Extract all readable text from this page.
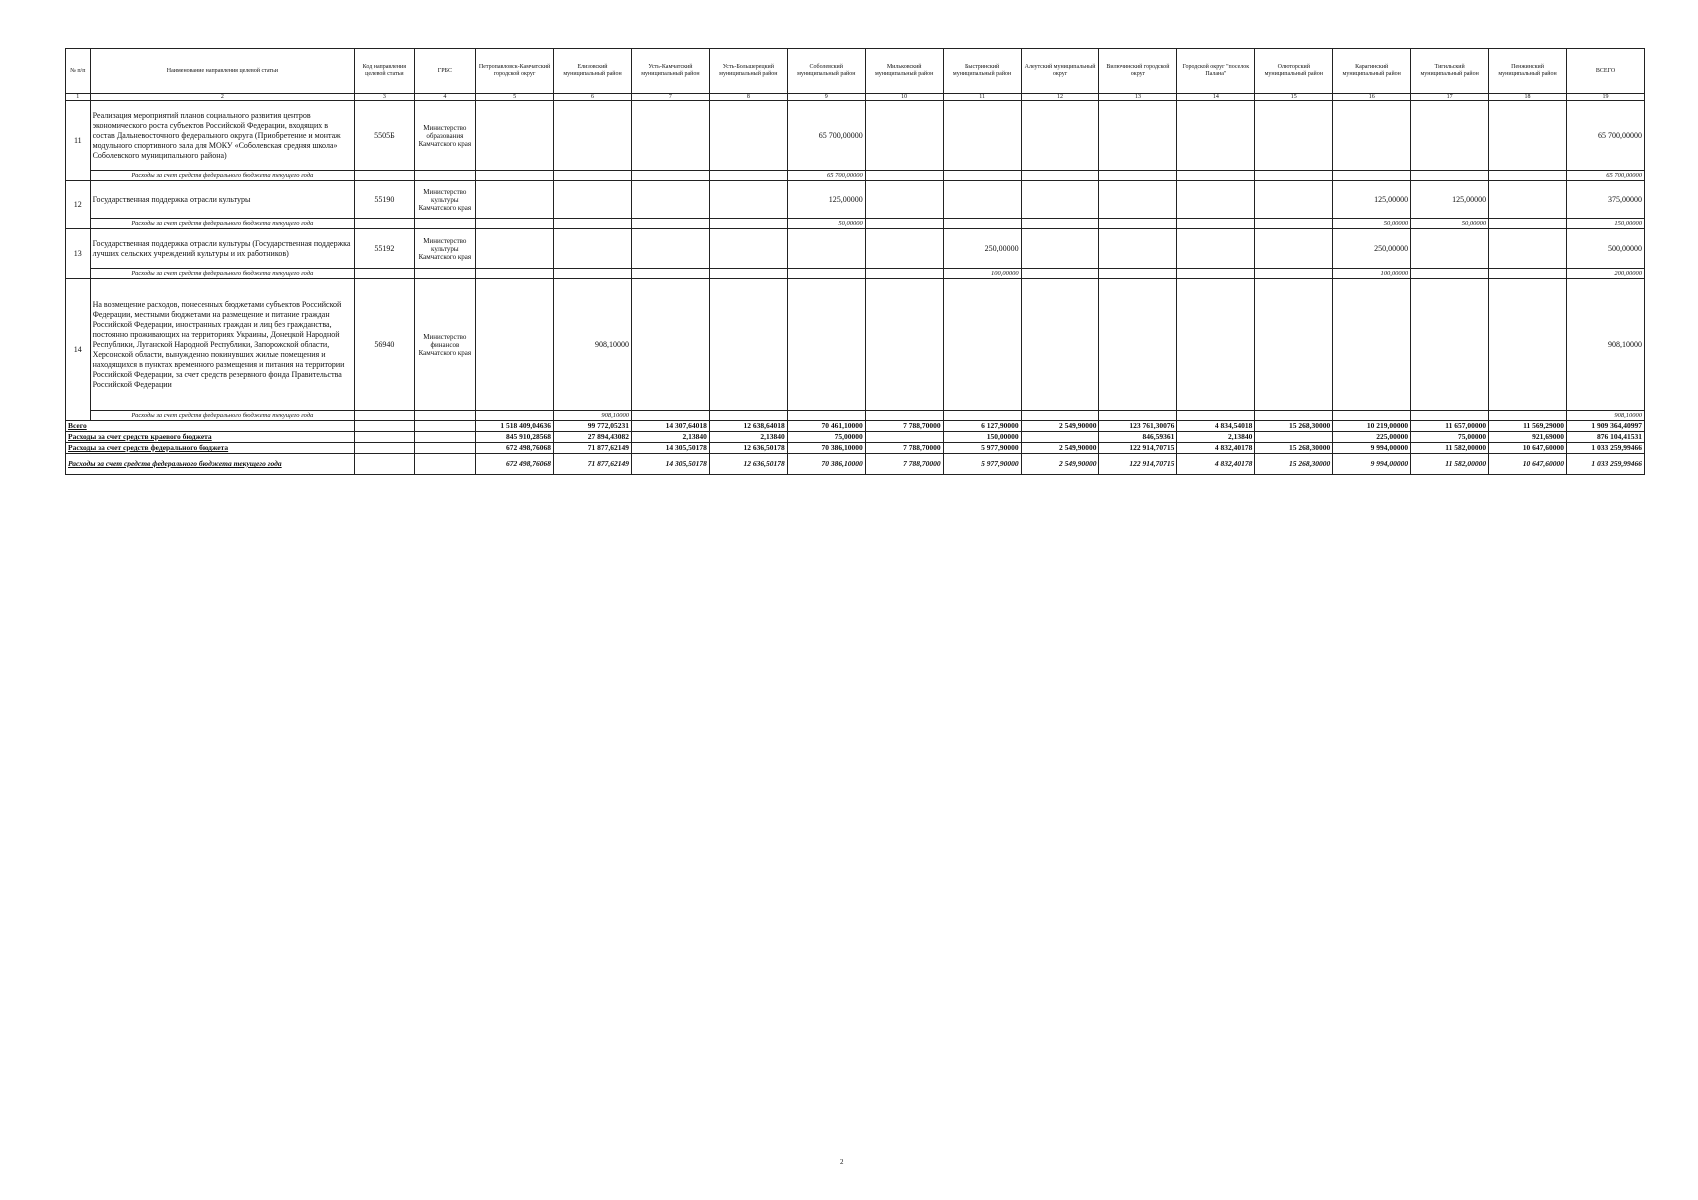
№ п/п	Наименование направления целевой статьи	Код направления целевой статьи	ГРБС	Петропавловск-Камчатский городской округ	Елизовский муниципальный район	Усть-Камчатский муниципальный район	Усть-Большерецкий муниципальный район	Соболевский муниципальный район	Мильковский муниципальный район	Быстринский муниципальный район	Алеутский муниципальный округ	Вилючинский городской округ	Городской округ "поселок Палана"	Олюторский муниципальный район	Карагинский муниципальный район	Тигильский муниципальный район	Пенжинский муниципальный район	ВСЕГО
1	2	3	4	5	6	7	8	9	10	11	12	13	14	15	16	17	18	19
11	Реализация мероприятий планов социального развития центров экономического роста субъектов Российской Федерации, входящих в состав Дальневосточного федерального округа (Приобретение и монтаж модульного спортивного зала для МОКУ «Соболевская средняя школа» Соболевского муниципального района)	5505Б	Министерство образования Камчатского края					65 700,00000										65 700,00000
	Расходы за счет средств федерального бюджета текущего года							65 700,00000										65 700,00000
12	Государственная поддержка отрасли культуры	55190	Министерство культуры Камчатского края					125,00000							125,00000	125,00000		375,00000
	Расходы за счет средств федерального бюджета текущего года							50,00000							50,00000	50,00000		150,00000
13	Государственная поддержка отрасли культуры (Государственная поддержка лучших сельских учреждений культуры и их работников)	55192	Министерство культуры Камчатского края							250,00000					250,00000			500,00000
	Расходы за счет средств федерального бюджета текущего года									100,00000					100,00000			200,00000
14	На возмещение расходов, понесенных бюджетами субъектов Российской Федерации, местными бюджетами на размещение и питание граждан Российской Федерации, иностранных граждан и лиц без гражданства, постоянно проживающих на территориях Украины, Донецкой Народной Республики, Луганской Народной Республики, Запорожской области, Херсонской области, вынужденно покинувших жилые помещения и находящихся в пунктах временного размещения и питания на территории Российской Федерации, за счет средств резервного фонда Правительства Российской Федерации	56940	Министерство финансов Камчатского края		908,10000													908,10000
	Расходы за счет средств федерального бюджета текущего года				908,10000													908,10000
Всего				1 518 409,04636	99 772,05231	14 307,64018	12 638,64018	70 461,10000	7 788,70000	6 127,90000	2 549,90000	123 761,30076	4 834,54018	15 268,30000	10 219,00000	11 657,00000	11 569,29000	1 909 364,40997
Расходы за счет средств краевого бюджета				845 910,28568	27 894,43082	2,13840	2,13840	75,00000		150,00000		846,59361	2,13840		225,00000	75,00000	921,69000	876 104,41531
Расходы за счет средств федерального бюджета				672 498,76068	71 877,62149	14 305,50178	12 636,50178	70 386,10000	7 788,70000	5 977,90000	2 549,90000	122 914,70715	4 832,40178	15 268,30000	9 994,00000	11 582,00000	10 647,60000	1 033 259,99466
Расходы за счет средств федерального бюджета текущего года				672 498,76068	71 877,62149	14 305,50178	12 636,50178	70 386,10000	7 788,70000	5 977,90000	2 549,90000	122 914,70715	4 832,40178	15 268,30000	9 994,00000	11 582,00000	10 647,60000	1 033 259,99466
2
